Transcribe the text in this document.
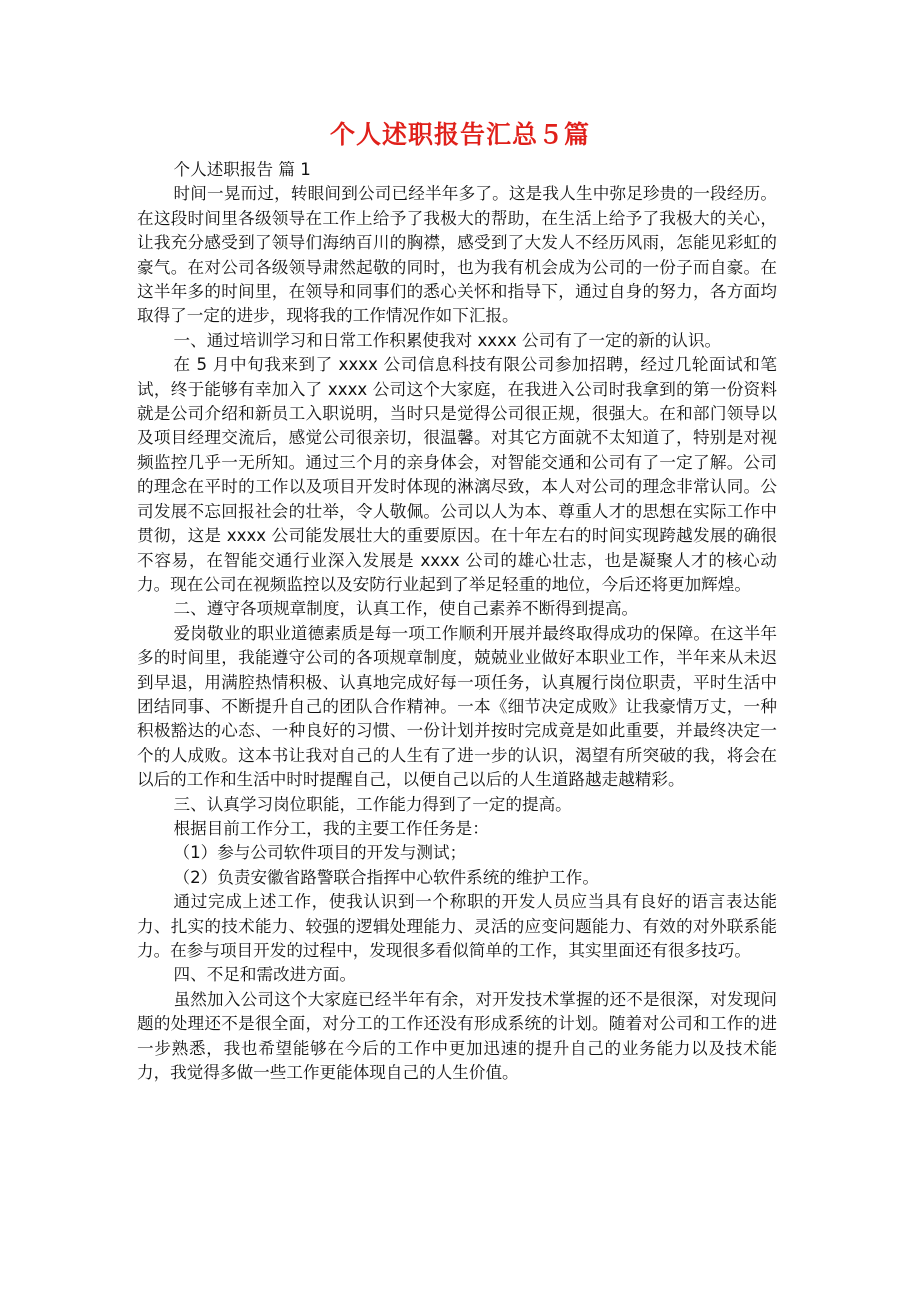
个人述职报告汇总５篇

个人述职报告 篇 1

时间一晃而过，转眼间到公司已经半年多了。这是我人生中弥足珍贵的一段经历。在这段时间里各级领导在工作上给予了我极大的帮助，在生活上给予了我极大的关心，让我充分感受到了领导们海纳百川的胸襟，感受到了大发人不经历风雨，怎能见彩虹的豪气。在对公司各级领导肃然起敬的同时，也为我有机会成为公司的一份子而自豪。在这半年多的时间里，在领导和同事们的悉心关怀和指导下，通过自身的努力，各方面均取得了一定的进步，现将我的工作情况作如下汇报。

一、通过培训学习和日常工作积累使我对 xxxx 公司有了一定的新的认识。

在 5 月中旬我来到了 xxxx 公司信息科技有限公司参加招聘，经过几轮面试和笔试，终于能够有幸加入了 xxxx 公司这个大家庭，在我进入公司时我拿到的第一份资料就是公司介绍和新员工入职说明，当时只是觉得公司很正规，很强大。在和部门领导以及项目经理交流后，感觉公司很亲切，很温馨。对其它方面就不太知道了，特别是对视频监控几乎一无所知。通过三个月的亲身体会，对智能交通和公司有了一定了解。公司的理念在平时的工作以及项目开发时体现的淋漓尽致，本人对公司的理念非常认同。公司发展不忘回报社会的壮举，令人敬佩。公司以人为本、尊重人才的思想在实际工作中贯彻，这是 xxxx 公司能发展壮大的重要原因。在十年左右的时间实现跨越发展的确很不容易，在智能交通行业深入发展是 xxxx 公司的雄心壮志，也是凝聚人才的核心动力。现在公司在视频监控以及安防行业起到了举足轻重的地位，今后还将更加辉煌。

二、遵守各项规章制度，认真工作，使自己素养不断得到提高。

爱岗敬业的职业道德素质是每一项工作顺利开展并最终取得成功的保障。在这半年多的时间里，我能遵守公司的各项规章制度，兢兢业业做好本职业工作，半年来从未迟到早退，用满腔热情积极、认真地完成好每一项任务，认真履行岗位职责，平时生活中团结同事、不断提升自己的团队合作精神。一本《细节决定成败》让我豪情万丈，一种积极豁达的心态、一种良好的习惯、一份计划并按时完成竟是如此重要，并最终决定一个的人成败。这本书让我对自己的人生有了进一步的认识，渴望有所突破的我，将会在以后的工作和生活中时时提醒自己，以便自己以后的人生道路越走越精彩。

三、认真学习岗位职能，工作能力得到了一定的提高。

根据目前工作分工，我的主要工作任务是：

（1）参与公司软件项目的开发与测试；

（2）负责安徽省路警联合指挥中心软件系统的维护工作。

通过完成上述工作，使我认识到一个称职的开发人员应当具有良好的语言表达能力、扎实的技术能力、较强的逻辑处理能力、灵活的应变问题能力、有效的对外联系能力。在参与项目开发的过程中，发现很多看似简单的工作，其实里面还有很多技巧。

四、不足和需改进方面。

虽然加入公司这个大家庭已经半年有余，对开发技术掌握的还不是很深，对发现问题的处理还不是很全面，对分工的工作还没有形成系统的计划。随着对公司和工作的进一步熟悉，我也希望能够在今后的工作中更加迅速的提升自己的业务能力以及技术能力，我觉得多做一些工作更能体现自己的人生价值。
